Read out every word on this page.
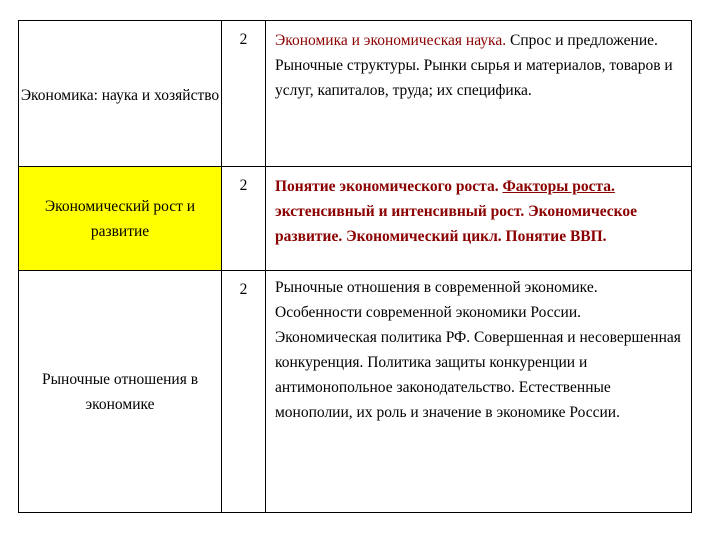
Экономика: наука и хозяйство	2	Экономика и экономическая наука. Спрос и предложение. Рыночные структуры. Рынки сырья и материалов, товаров и услуг, капиталов, труда; их специфика.
Экономический рост и развитие	2	Понятие экономического роста. Факторы роста. экстенсивный и интенсивный рост. Экономическое развитие. Экономический цикл. Понятие ВВП.
Рыночные отношения в экономике	2	Рыночные отношения в современной экономике. Особенности современной экономики России. Экономическая политика РФ. Совершенная и несовершенная конкуренция. Политика защиты конкуренции и антимонопольное законодательство. Естественные монополии, их роль и значение в экономике России.
